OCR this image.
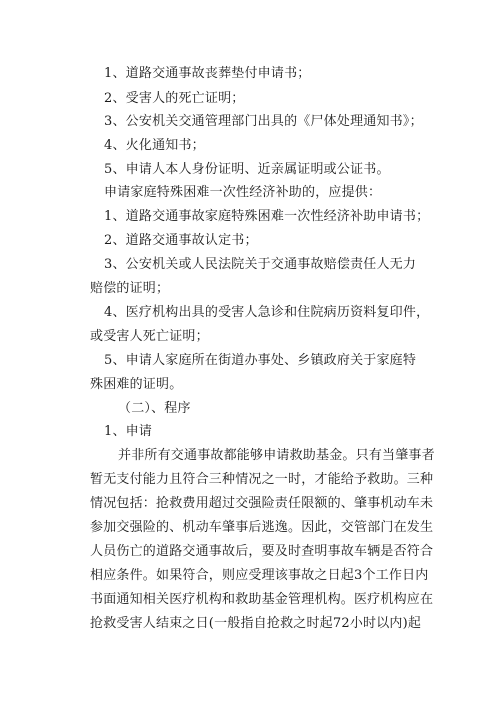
1、道路交通事故丧葬垫付申请书；
2、受害人的死亡证明；
3、公安机关交通管理部门出具的《尸体处理通知书》；
4、火化通知书；
5、申请人本人身份证明、近亲属证明或公证书。
申请家庭特殊困难一次性经济补助的，应提供：
1、道路交通事故家庭特殊困难一次性经济补助申请书；
2、道路交通事故认定书；
3、公安机关或人民法院关于交通事故赔偿责任人无力
赔偿的证明；
4、医疗机构出具的受害人急诊和住院病历资料复印件，
或受害人死亡证明；
5、申请人家庭所在街道办事处、乡镇政府关于家庭特
殊困难的证明。
（二）、程序
1、申请
并非所有交通事故都能够申请救助基金。只有当肇事者
暂无支付能力且符合三种情况之一时，才能给予救助。三种
情况包括：抢救费用超过交强险责任限额的、肇事机动车未
参加交强险的、机动车肇事后逃逸。因此，交管部门在发生
人员伤亡的道路交通事故后，要及时查明事故车辆是否符合
相应条件。如果符合，则应受理该事故之日起3个工作日内
书面通知相关医疗机构和救助基金管理机构。医疗机构应在
抢救受害人结束之日(一般指自抢救之时起72小时以内)起
